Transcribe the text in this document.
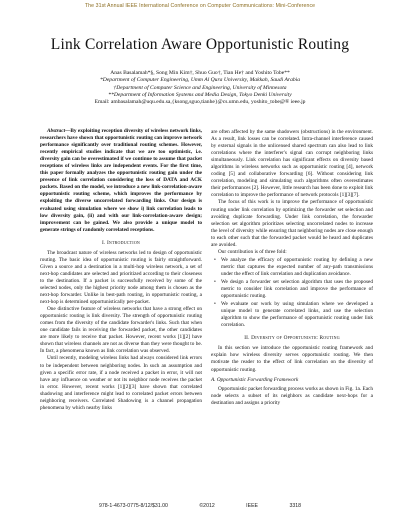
The 31st Annual IEEE International Conference on Computer Communications: Mini-Conference
Link Correlation Aware Opportunistic Routing
Anas Basalamah*§, Song Min Kim†, Shuo Guo†, Tian He† and Yoshito Tobe**
*Department of Computer Engineering, Umm Al Qura University, Makkah, Saudi Arabia
†Department of Computer Science and Engineering, University of Minnesota
**Department of Information Systems and Media Design, Tokyo Denki University
Email: ambasalamah@uqu.edu.sa,{ksong,sguo,tianhe}@cs.umn.edu, yoshito_tobe@® ieee.jp

Abstract—By exploiting reception diversity of wireless network links, researchers have shown that opportunistic routing can improve network performance significantly over traditional routing schemes. However, recently empirical studies indicate that we are too optimistic, i.e. diversity gain can be overestimated if we continue to assume that packet receptions of wireless links are independent events. For the first time, this paper formally analyzes the opportunistic routing gain under the presence of link correlation considering the loss of DATA and ACK packets. Based on the model, we introduce a new link-correlation-aware opportunistic routing scheme, which improves the performance by exploiting the diverse uncorrelated forwarding links. Our design is evaluated using simulation where we show i) link correlation leads to low diversity gain, (ii) and with our link-correlation-aware design; improvement can be gained. We also provide a unique model to generate strings of randomly correlated receptions.

I. Introduction

The broadcast nature of wireless networks led to design of opportunistic routing. The basic idea of opportunistic routing is fairly straightforward. Given a source and a destination in a multi-hop wireless network, a set of next-hop candidates are selected and prioritized according to their closeness to the destination. If a packet is successfully received by some of the selected nodes, only the highest priority node among them is chosen as the next-hop forwarder. Unlike in best-path routing, in opportunistic routing, a next-hop is determined opportunistically per-packet.

One distinctive feature of wireless networks that have a strong effect on opportunistic routing is link diversity. The strength of opportunistic routing comes from the diversity of the candidate forwarder's links. Such that when one candidate fails in receiving the forwarded packet, the other candidates are more likely to receive that packet. However, recent works [1][2] have shown that wireless channels are not as diverse than they were thought to be. In fact, a phenomena known as link correlation was observed.

Until recently, modeling wireless links had always considered link errors to be independent between neighboring nodes. In such an assumption and given a specific error rate, if a node received a packet in error, it will not have any influence on weather or not its neighbor node receives the packet in error. However, recent works [1][2][3] have shown that correlated shadowing and interference might lead to correlated packet errors between neighboring receivers. Correlated Shadowing is a channel propagation phenomena by which nearby links

are often affected by the same shadowers (obstructions) in the environment. As a result, link losses can be correlated. Intra-channel interference caused by external signals in the unlicensed shared spectrum can also lead to link correlations where the interferer's signal can corrupt neighboring links simultaneously. Link correlation has significant effects on diversity based algorithms in wireless networks such as opportunistic routing [4], network coding [5] and collaborative forwarding [6]. Without considering link correlation, modeling and simulating such algorithms often overestimates their performances [2]. However, little research has been done to exploit link correlation to improve the performance of network protocols [1][3][7].

The focus of this work is to improve the performance of opportunistic routing under link correlation by optimizing the forwarder set selection and avoiding duplicate forwarding. Under link correlation, the forwarder selection set algorithm prioritizes selecting uncorrelated nodes to increase the level of diversity while ensuring that neighboring nodes are close enough to each other such that the forwarded packet would be heard and duplicates are avoided.

Our contribution is of three fold:

• We analyze the efficacy of opportunistic routing by defining a new metric that captures the expected number of any-path transmissions under the effect of link correlation and duplication avoidance.
• We design a forwarder set selection algorithm that uses the proposed metric to consider link correlation and improve the performance of opportunistic routing.
• We evaluate our work by using simulation where we developed a unique model to generate correlated links, and use the selection algorithm to show the performance of opportunistic routing under link correlation.
II. Diversity of Opportunistic Routing

In this section we introduce the opportunistic routing framework and explain how wireless diversity serves opportunistic routing. We then motivate the reader to the effect of link correlation on the diversity of opportunistic routing.

A. Opportunistic Forwarding Framework

Opportunistic packet forwarding process works as shown in Fig. 1a. Each node selects a subset of its neighbors as candidate next-hops for a destination and assigns a priority

978-1-4673-0775-8/12/$31.00 ©2012 IEEE	3318
